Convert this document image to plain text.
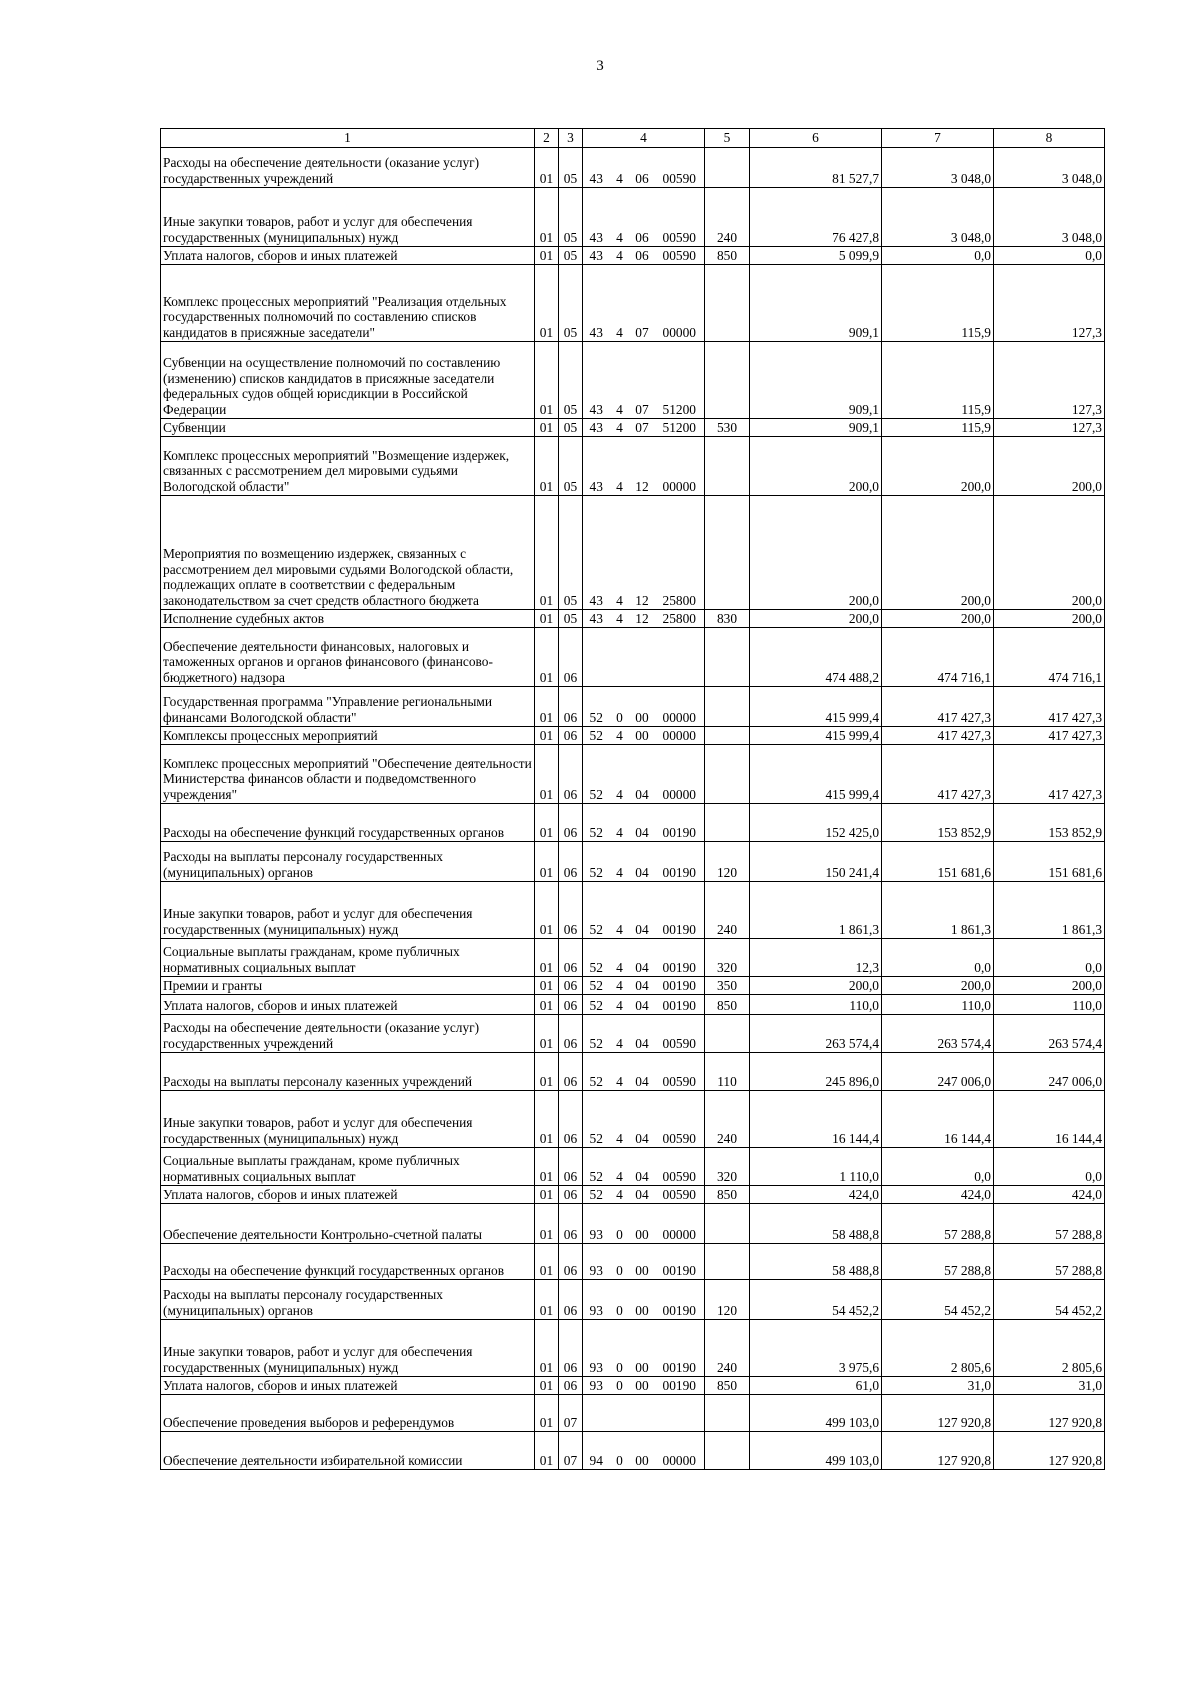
3
1	2	3	4				5	6	7	8
Расходы на обеспечение деятельности (оказание услуг) государственных учреждений	01	05	43	4	06	00590		81 527,7	3 048,0	3 048,0
Иные закупки товаров, работ и услуг для обеспечения государственных (муниципальных) нужд	01	05	43	4	06	00590	240	76 427,8	3 048,0	3 048,0
Уплата налогов, сборов и иных платежей	01	05	43	4	06	00590	850	5 099,9	0,0	0,0
Комплекс процессных мероприятий "Реализация отдельных государственных полномочий по составлению списков кандидатов в присяжные заседатели"	01	05	43	4	07	00000		909,1	115,9	127,3
Субвенции на осуществление полномочий по составлению (изменению) списков кандидатов в присяжные заседатели федеральных судов общей юрисдикции в Российской Федерации	01	05	43	4	07	51200		909,1	115,9	127,3
Субвенции	01	05	43	4	07	51200	530	909,1	115,9	127,3
Комплекс процессных мероприятий "Возмещение издержек, связанных с рассмотрением дел мировыми судьями Вологодской области"	01	05	43	4	12	00000		200,0	200,0	200,0
Мероприятия по возмещению издержек, связанных с рассмотрением дел мировыми судьями Вологодской области, подлежащих оплате в соответствии с федеральным законодательством за счет средств областного бюджета	01	05	43	4	12	25800		200,0	200,0	200,0
Исполнение судебных актов	01	05	43	4	12	25800	830	200,0	200,0	200,0
Обеспечение деятельности финансовых, налоговых и таможенных органов и органов финансового (финансово-бюджетного) надзора	01	06						474 488,2	474 716,1	474 716,1
Государственная программа "Управление региональными финансами Вологодской области"	01	06	52	0	00	00000		415 999,4	417 427,3	417 427,3
Комплексы процессных мероприятий	01	06	52	4	00	00000		415 999,4	417 427,3	417 427,3
Комплекс процессных мероприятий "Обеспечение деятельности Министерства финансов области и подведомственного учреждения"	01	06	52	4	04	00000		415 999,4	417 427,3	417 427,3
Расходы на обеспечение функций государственных органов	01	06	52	4	04	00190		152 425,0	153 852,9	153 852,9
Расходы на выплаты персоналу государственных (муниципальных) органов	01	06	52	4	04	00190	120	150 241,4	151 681,6	151 681,6
Иные закупки товаров, работ и услуг для обеспечения государственных (муниципальных) нужд	01	06	52	4	04	00190	240	1 861,3	1 861,3	1 861,3
Социальные выплаты гражданам, кроме публичных нормативных социальных выплат	01	06	52	4	04	00190	320	12,3	0,0	0,0
Премии и гранты	01	06	52	4	04	00190	350	200,0	200,0	200,0
Уплата налогов, сборов и иных платежей	01	06	52	4	04	00190	850	110,0	110,0	110,0
Расходы на обеспечение деятельности (оказание услуг) государственных учреждений	01	06	52	4	04	00590		263 574,4	263 574,4	263 574,4
Расходы на выплаты персоналу казенных учреждений	01	06	52	4	04	00590	110	245 896,0	247 006,0	247 006,0
Иные закупки товаров, работ и услуг для обеспечения государственных (муниципальных) нужд	01	06	52	4	04	00590	240	16 144,4	16 144,4	16 144,4
Социальные выплаты гражданам, кроме публичных нормативных социальных выплат	01	06	52	4	04	00590	320	1 110,0	0,0	0,0
Уплата налогов, сборов и иных платежей	01	06	52	4	04	00590	850	424,0	424,0	424,0
Обеспечение деятельности Контрольно-счетной палаты	01	06	93	0	00	00000		58 488,8	57 288,8	57 288,8
Расходы на обеспечение функций государственных органов	01	06	93	0	00	00190		58 488,8	57 288,8	57 288,8
Расходы на выплаты персоналу государственных (муниципальных) органов	01	06	93	0	00	00190	120	54 452,2	54 452,2	54 452,2
Иные закупки товаров, работ и услуг для обеспечения государственных (муниципальных) нужд	01	06	93	0	00	00190	240	3 975,6	2 805,6	2 805,6
Уплата налогов, сборов и иных платежей	01	06	93	0	00	00190	850	61,0	31,0	31,0
Обеспечение проведения выборов и референдумов	01	07						499 103,0	127 920,8	127 920,8
Обеспечение деятельности избирательной комиссии	01	07	94	0	00	00000		499 103,0	127 920,8	127 920,8
